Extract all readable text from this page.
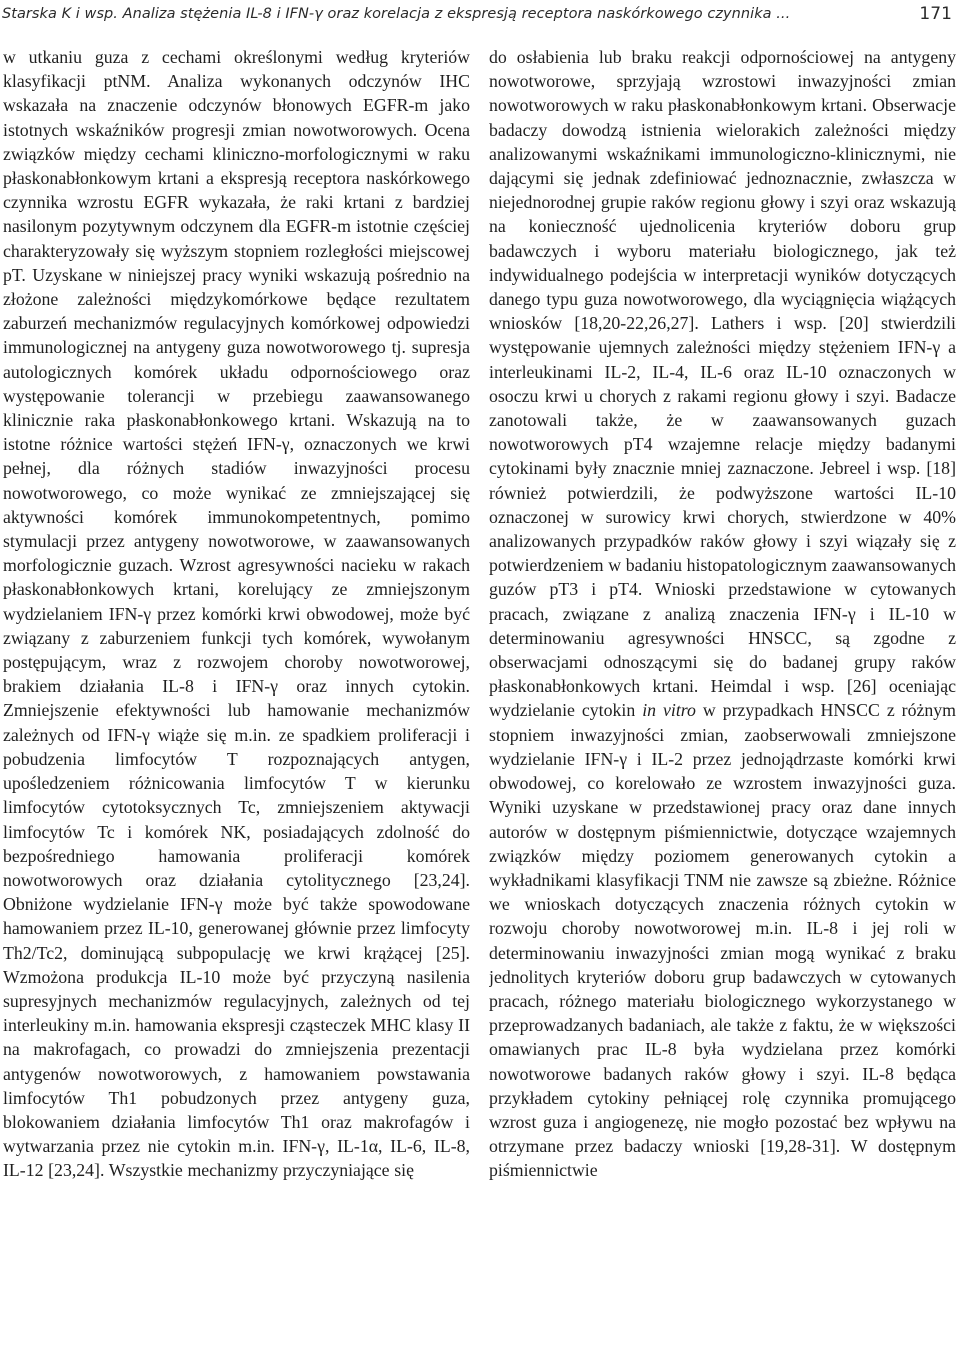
Starska K i wsp. Analiza stężenia IL-8 i IFN-γ oraz korelacja z ekspresją receptora naskórkowego czynnika ...	171

w utkaniu guza z cechami określonymi według kryteriów klasyfikacji ptNM. Analiza wykonanych odczynów IHC wskazała na znaczenie odczynów błonowych EGFR-m jako istotnych wskaźników progresji zmian nowotworowych. Ocena związków między cechami kliniczno-morfologicznymi w raku płaskonabłonkowym krtani a ekspresją receptora naskórkowego czynnika wzrostu EGFR wykazała, że raki krtani z bardziej nasilonym pozytywnym odczynem dla EGFR-m istotnie częściej charakteryzowały się wyższym stopniem rozległości miejscowej pT. Uzyskane w niniejszej pracy wyniki wskazują pośrednio na złożone zależności międzykomórkowe będące rezultatem zaburzeń mechanizmów regulacyjnych komórkowej odpowiedzi immunologicznej na antygeny guza nowotworowego tj. supresja autologicznych komórek układu odpornościowego oraz występowanie tolerancji w przebiegu zaawansowanego klinicznie raka płaskonabłonkowego krtani. Wskazują na to istotne różnice wartości stężeń IFN-γ, oznaczonych we krwi pełnej, dla różnych stadiów inwazyjności procesu nowotworowego, co może wynikać ze zmniejszającej się aktywności komórek immunokompetentnych, pomimo stymulacji przez antygeny nowotworowe, w zaawansowanych morfologicznie guzach. Wzrost agresywności nacieku w rakach płaskonabłonkowych krtani, korelujący ze zmniejszonym wydzielaniem IFN-γ przez komórki krwi obwodowej, może być związany z zaburzeniem funkcji tych komórek, wywołanym postępującym, wraz z rozwojem choroby nowotworowej, brakiem działania IL-8 i IFN-γ oraz innych cytokin. Zmniejszenie efektywności lub hamowanie mechanizmów zależnych od IFN-γ wiąże się m.in. ze spadkiem proliferacji i pobudzenia limfocytów T rozpoznających antygen, upośledzeniem różnicowania limfocytów T w kierunku limfocytów cytotoksycznych Tc, zmniejszeniem aktywacji limfocytów Tc i komórek NK, posiadających zdolność do bezpośredniego hamowania proliferacji komórek nowotworowych oraz działania cytolitycznego [23,24]. Obniżone wydzielanie IFN-γ może być także spowodowane hamowaniem przez IL-10, generowanej głównie przez limfocyty Th2/Tc2, dominującą subpopulację we krwi krążącej [25]. Wzmożona produkcja IL-10 może być przyczyną nasilenia supresyjnych mechanizmów regulacyjnych, zależnych od tej interleukiny m.in. hamowania ekspresji cząsteczek MHC klasy II na makrofagach, co prowadzi do zmniejszenia prezentacji antygenów nowotworowych, z hamowaniem powstawania limfocytów Th1 pobudzonych przez antygeny guza, blokowaniem działania limfocytów Th1 oraz makrofagów i wytwarzania przez nie cytokin m.in. IFN-γ, IL-1α, IL-6, IL-8, IL-12 [23,24]. Wszystkie mechanizmy przyczyniające się

do osłabienia lub braku reakcji odpornościowej na antygeny nowotworowe, sprzyjają wzrostowi inwazyjności zmian nowotworowych w raku płaskonabłonkowym krtani. Obserwacje badaczy dowodzą istnienia wielorakich zależności między analizowanymi wskaźnikami immunologiczno-klinicznymi, nie dającymi się jednak zdefiniować jednoznacznie, zwłaszcza w niejednorodnej grupie raków regionu głowy i szyi oraz wskazują na konieczność ujednolicenia kryteriów doboru grup badawczych i wyboru materiału biologicznego, jak też indywidualnego podejścia w interpretacji wyników dotyczących danego typu guza nowotworowego, dla wyciągnięcia wiążących wniosków [18,20-22,26,27]. Lathers i wsp. [20] stwierdzili występowanie ujemnych zależności między stężeniem IFN-γ a interleukinami IL-2, IL-4, IL-6 oraz IL-10 oznaczonych w osoczu krwi u chorych z rakami regionu głowy i szyi. Badacze zanotowali także, że w zaawansowanych guzach nowotworowych pT4 wzajemne relacje między badanymi cytokinami były znacznie mniej zaznaczone. Jebreel i wsp. [18] również potwierdzili, że podwyższone wartości IL-10 oznaczonej w surowicy krwi chorych, stwierdzone w 40% analizowanych przypadków raków głowy i szyi wiązały się z potwierdzeniem w badaniu histopatologicznym zaawansowanych guzów pT3 i pT4. Wnioski przedstawione w cytowanych pracach, związane z analizą znaczenia IFN-γ i IL-10 w determinowaniu agresywności HNSCC, są zgodne z obserwacjami odnoszącymi się do badanej grupy raków płaskonabłonkowych krtani. Heimdal i wsp. [26] oceniając wydzielanie cytokin in vitro w przypadkach HNSCC z różnym stopniem inwazyjności zmian, zaobserwowali zmniejszone wydzielanie IFN-γ i IL-2 przez jednojądrzaste komórki krwi obwodowej, co korelowało ze wzrostem inwazyjności guza. Wyniki uzyskane w przedstawionej pracy oraz dane innych autorów w dostępnym piśmiennictwie, dotyczące wzajemnych związków między poziomem generowanych cytokin a wykładnikami klasyfikacji TNM nie zawsze są zbieżne. Różnice we wnioskach dotyczących znaczenia różnych cytokin w rozwoju choroby nowotworowej m.in. IL-8 i jej roli w determinowaniu inwazyjności zmian mogą wynikać z braku jednolitych kryteriów doboru grup badawczych w cytowanych pracach, różnego materiału biologicznego wykorzystanego w przeprowadzanych badaniach, ale także z faktu, że w większości omawianych prac IL-8 była wydzielana przez komórki nowotworowe badanych raków głowy i szyi. IL-8 będąca przykładem cytokiny pełniącej rolę czynnika promującego wzrost guza i angiogenezę, nie mogło pozostać bez wpływu na otrzymane przez badaczy wnioski [19,28-31]. W dostępnym piśmiennictwie
